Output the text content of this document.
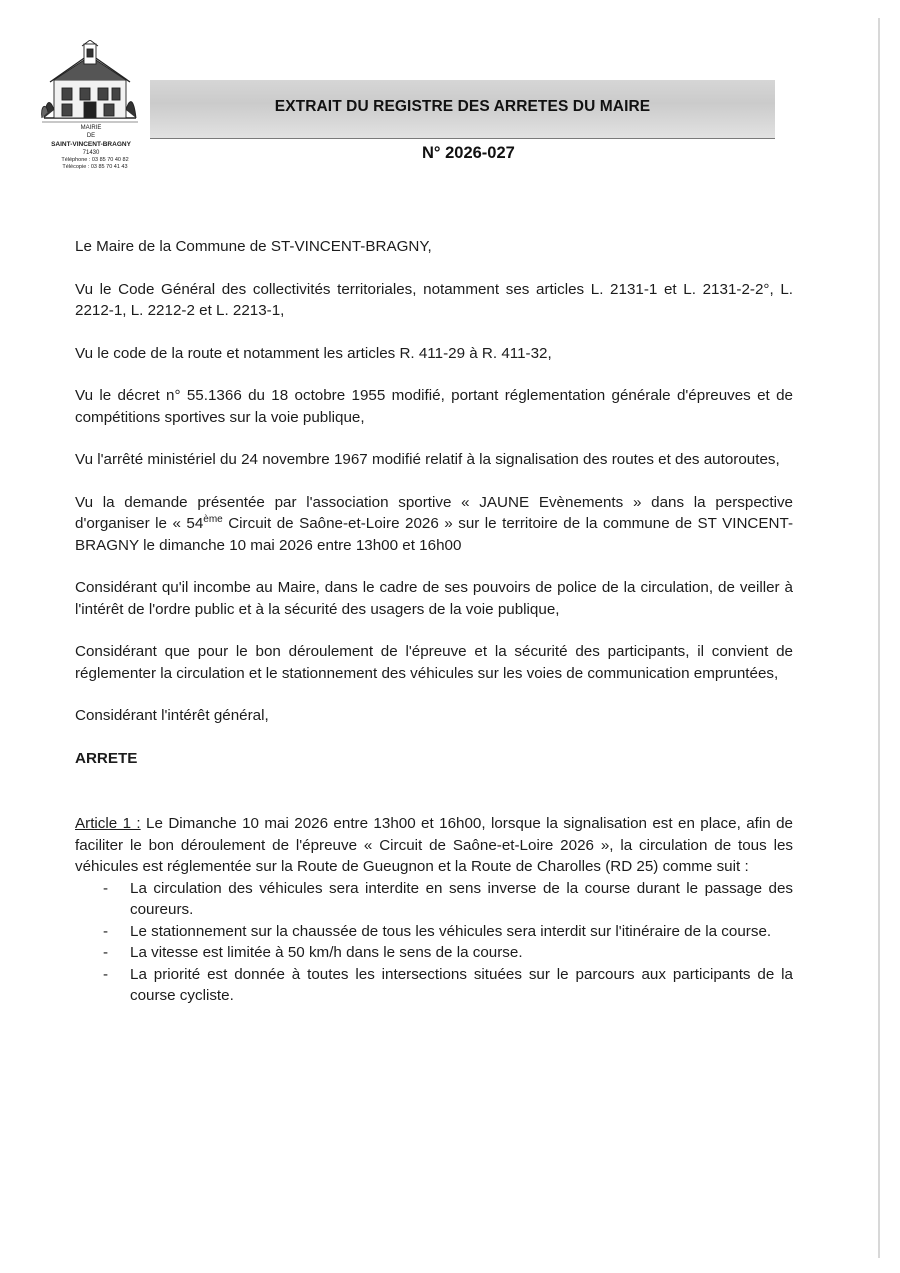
MAIRIE

DE

SAINT-VINCENT-BRAGNY

71430

Téléphone : 03 85 70 40 82

Télécopie : 03 85 70 41 43

EXTRAIT DU REGISTRE DES ARRETES DU MAIRE
N° 2026-027

Le Maire de la Commune de ST-VINCENT-BRAGNY,

Vu le Code Général des collectivités territoriales, notamment ses articles L. 2131-1 et L. 2131-2-2°, L. 2212-1, L. 2212-2 et L. 2213-1,

Vu le code de la route et notamment les articles R. 411-29 à R. 411-32,

Vu le décret n° 55.1366 du 18 octobre 1955 modifié, portant réglementation générale d'épreuves et de compétitions sportives sur la voie publique,

Vu l'arrêté ministériel du 24 novembre 1967 modifié relatif à la signalisation des routes et des autoroutes,

Vu la demande présentée par l'association sportive « JAUNE Evènements » dans la perspective d'organiser le « 54ème Circuit de Saône-et-Loire 2026 » sur le territoire de la commune de ST VINCENT-BRAGNY le dimanche 10 mai 2026 entre 13h00 et 16h00

Considérant qu'il incombe au Maire, dans le cadre de ses pouvoirs de police de la circulation, de veiller à l'intérêt de l'ordre public et à la sécurité des usagers de la voie publique,

Considérant que pour le bon déroulement de l'épreuve et la sécurité des participants, il convient de réglementer la circulation et le stationnement des véhicules sur les voies de communication empruntées,

Considérant l'intérêt général,

ARRETE

Article 1 : Le Dimanche 10 mai 2026 entre 13h00 et 16h00, lorsque la signalisation est en place, afin de faciliter le bon déroulement de l'épreuve « Circuit de Saône-et-Loire 2026 », la circulation de tous les véhicules est réglementée sur la Route de Gueugnon et la Route de Charolles (RD 25) comme suit :

- La circulation des véhicules sera interdite en sens inverse de la course durant le passage des coureurs.
- Le stationnement sur la chaussée de tous les véhicules sera interdit sur l'itinéraire de la course.
- La vitesse est limitée à 50 km/h dans le sens de la course.
- La priorité est donnée à toutes les intersections situées sur le parcours aux participants de la course cycliste.
